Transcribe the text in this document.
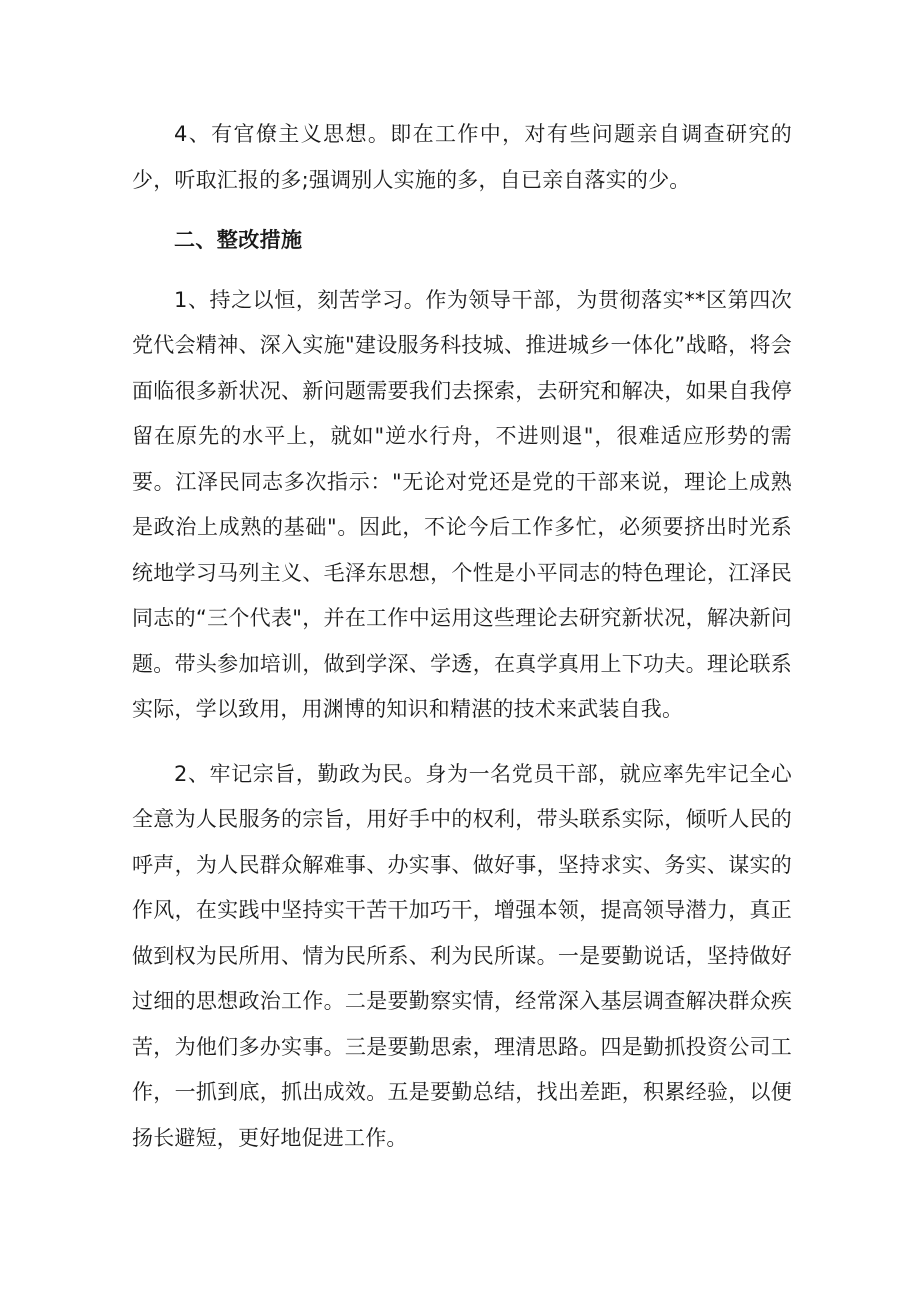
4、有官僚主义思想。即在工作中，对有些问题亲自调查研究的少，听取汇报的多;强调别人实施的多，自已亲自落实的少。

二、整改措施

1、持之以恒，刻苦学习。作为领导干部，为贯彻落实**区第四次党代会精神、深入实施"建设服务科技城、推进城乡一体化”战略，将会面临很多新状况、新问题需要我们去探索，去研究和解决，如果自我停留在原先的水平上，就如"逆水行舟，不进则退"，很难适应形势的需要。江泽民同志多次指示："无论对党还是党的干部来说，理论上成熟是政治上成熟的基础"。因此，不论今后工作多忙，必须要挤出时光系统地学习马列主义、毛泽东思想，个性是小平同志的特色理论，江泽民同志的“三个代表"，并在工作中运用这些理论去研究新状况，解决新问题。带头参加培训，做到学深、学透，在真学真用上下功夫。理论联系实际，学以致用，用渊博的知识和精湛的技术来武装自我。

2、牢记宗旨，勤政为民。身为一名党员干部，就应率先牢记全心全意为人民服务的宗旨，用好手中的权利，带头联系实际，倾听人民的呼声，为人民群众解难事、办实事、做好事，坚持求实、务实、谋实的作风，在实践中坚持实干苦干加巧干，增强本领，提高领导潜力，真正做到权为民所用、情为民所系、利为民所谋。一是要勤说话，坚持做好过细的思想政治工作。二是要勤察实情，经常深入基层调查解决群众疾苦，为他们多办实事。三是要勤思索，理清思路。四是勤抓投资公司工作，一抓到底，抓出成效。五是要勤总结，找出差距，积累经验，以便扬长避短，更好地促进工作。
